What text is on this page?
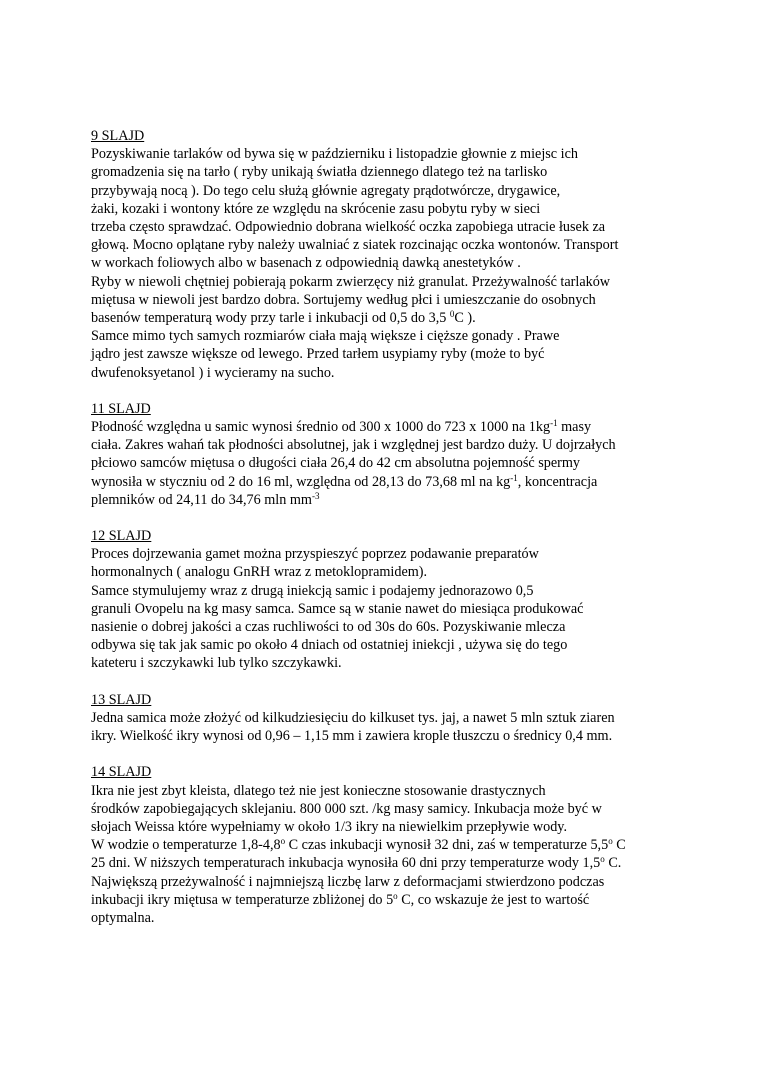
9 SLAJD
Pozyskiwanie tarlaków od bywa się w październiku i listopadzie głownie z miejsc ich
gromadzenia się na tarło ( ryby unikają światła dziennego dlatego też na tarlisko
przybywają nocą ). Do tego celu służą głównie agregaty prądotwórcze, drygawice,
żaki, kozaki i wontony które ze względu na skrócenie zasu pobytu ryby w sieci
trzeba często sprawdzać. Odpowiednio dobrana wielkość oczka zapobiega utracie łusek za
głową. Mocno oplątane ryby należy uwalniać z siatek rozcinając oczka wontonów. Transport
w workach foliowych albo w basenach z odpowiednią dawką anestetyków .
Ryby w niewoli chętniej pobierają pokarm zwierzęcy niż granulat. Przeżywalność tarlaków
miętusa w niewoli jest bardzo dobra. Sortujemy według płci i umieszczanie do osobnych
basenów temperaturą wody przy tarle i inkubacji od 0,5 do 3,5 $^0$C ).
Samce mimo tych samych rozmiarów ciała mają większe i cięższe gonady . Prawe
jądro jest zawsze większe od lewego. Przed tarłem usypiamy ryby (może to być
dwufenoksyetanol ) i wycieramy na sucho.
11 SLAJD
Płodność względna u samic wynosi średnio od 300 x 1000 do 723 x 1000 na $1kg^{-1}$ masy
ciała. Zakres wahań tak płodności absolutnej, jak i względnej jest bardzo duży. U dojrzałych
płciowo samców miętusa o długości ciała 26,4 do 42 cm absolutna pojemność spermy
wynosiła w styczniu od 2 do 16 ml, względna od 28,13 do 73,68 ml na $kg^{-1}$, koncentracja
plemników od 24,11 do 34,76 mln $mm^{-3}$
12 SLAJD
Proces dojrzewania gamet można przyspieszyć poprzez podawanie preparatów
hormonalnych ( analogu GnRH wraz z metoklopramidem).
Samce stymulujemy wraz z drugą iniekcją samic i podajemy jednorazowo 0,5
granuli Ovopelu na kg masy samca. Samce są w stanie nawet do miesiąca produkować
nasienie o dobrej jakości a czas ruchliwości to od 30s do 60s. Pozyskiwanie mlecza
odbywa się tak jak samic po około 4 dniach od ostatniej iniekcji , używa się do tego
kateteru i szczykawki lub tylko szczykawki.
13 SLAJD
Jedna samica może złożyć od kilkudziesięciu do kilkuset tys. jaj, a nawet 5 mln sztuk ziaren
ikry. Wielkość ikry wynosi od 0,96 – 1,15 mm i zawiera krople tłuszczu o średnicy 0,4 mm.
14 SLAJD
Ikra nie jest zbyt kleista, dlatego też nie jest konieczne stosowanie drastycznych
środków zapobiegających sklejaniu. 800 000 szt. /kg masy samicy. Inkubacja może być w
słojach Weissa które wypełniamy w około 1/3 ikry na niewielkim przepływie wody.
W wodzie o temperaturze 1,8-4,8$^o$ C czas inkubacji wynosił 32 dni, zaś w temperaturze 5,5$^o$ C
25 dni. W niższych temperaturach inkubacja wynosiła 60 dni przy temperaturze wody 1,5$^o$ C.
Największą przeżywalność i najmniejszą liczbę larw z deformacjami stwierdzono podczas
inkubacji ikry miętusa w temperaturze zbliżonej do 5$^o$ C, co wskazuje że jest to wartość
optymalna.
